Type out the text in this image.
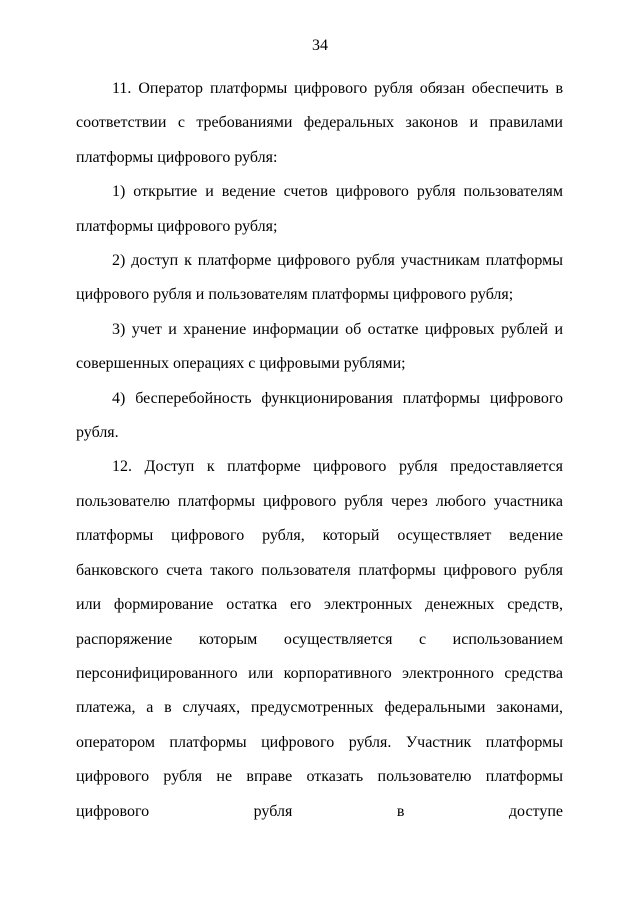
34

11. Оператор платформы цифрового рубля обязан обеспечить в соответствии с требованиями федеральных законов и правилами платформы цифрового рубля:

1) открытие и ведение счетов цифрового рубля пользователям платформы цифрового рубля;

2) доступ к платформе цифрового рубля участникам платформы цифрового рубля и пользователям платформы цифрового рубля;

3) учет и хранение информации об остатке цифровых рублей и совершенных операциях с цифровыми рублями;

4) бесперебойность функционирования платформы цифрового рубля.

12. Доступ к платформе цифрового рубля предоставляется пользователю платформы цифрового рубля через любого участника платформы цифрового рубля, который осуществляет ведение банковского счета такого пользователя платформы цифрового рубля или формирование остатка его электронных денежных средств, распоряжение которым осуществляется с использованием персонифицированного или корпоративного электронного средства платежа, а в случаях, предусмотренных федеральными законами, оператором платформы цифрового рубля. Участник платформы цифрового рубля не вправе отказать пользователю платформы цифрового рубля в доступе
